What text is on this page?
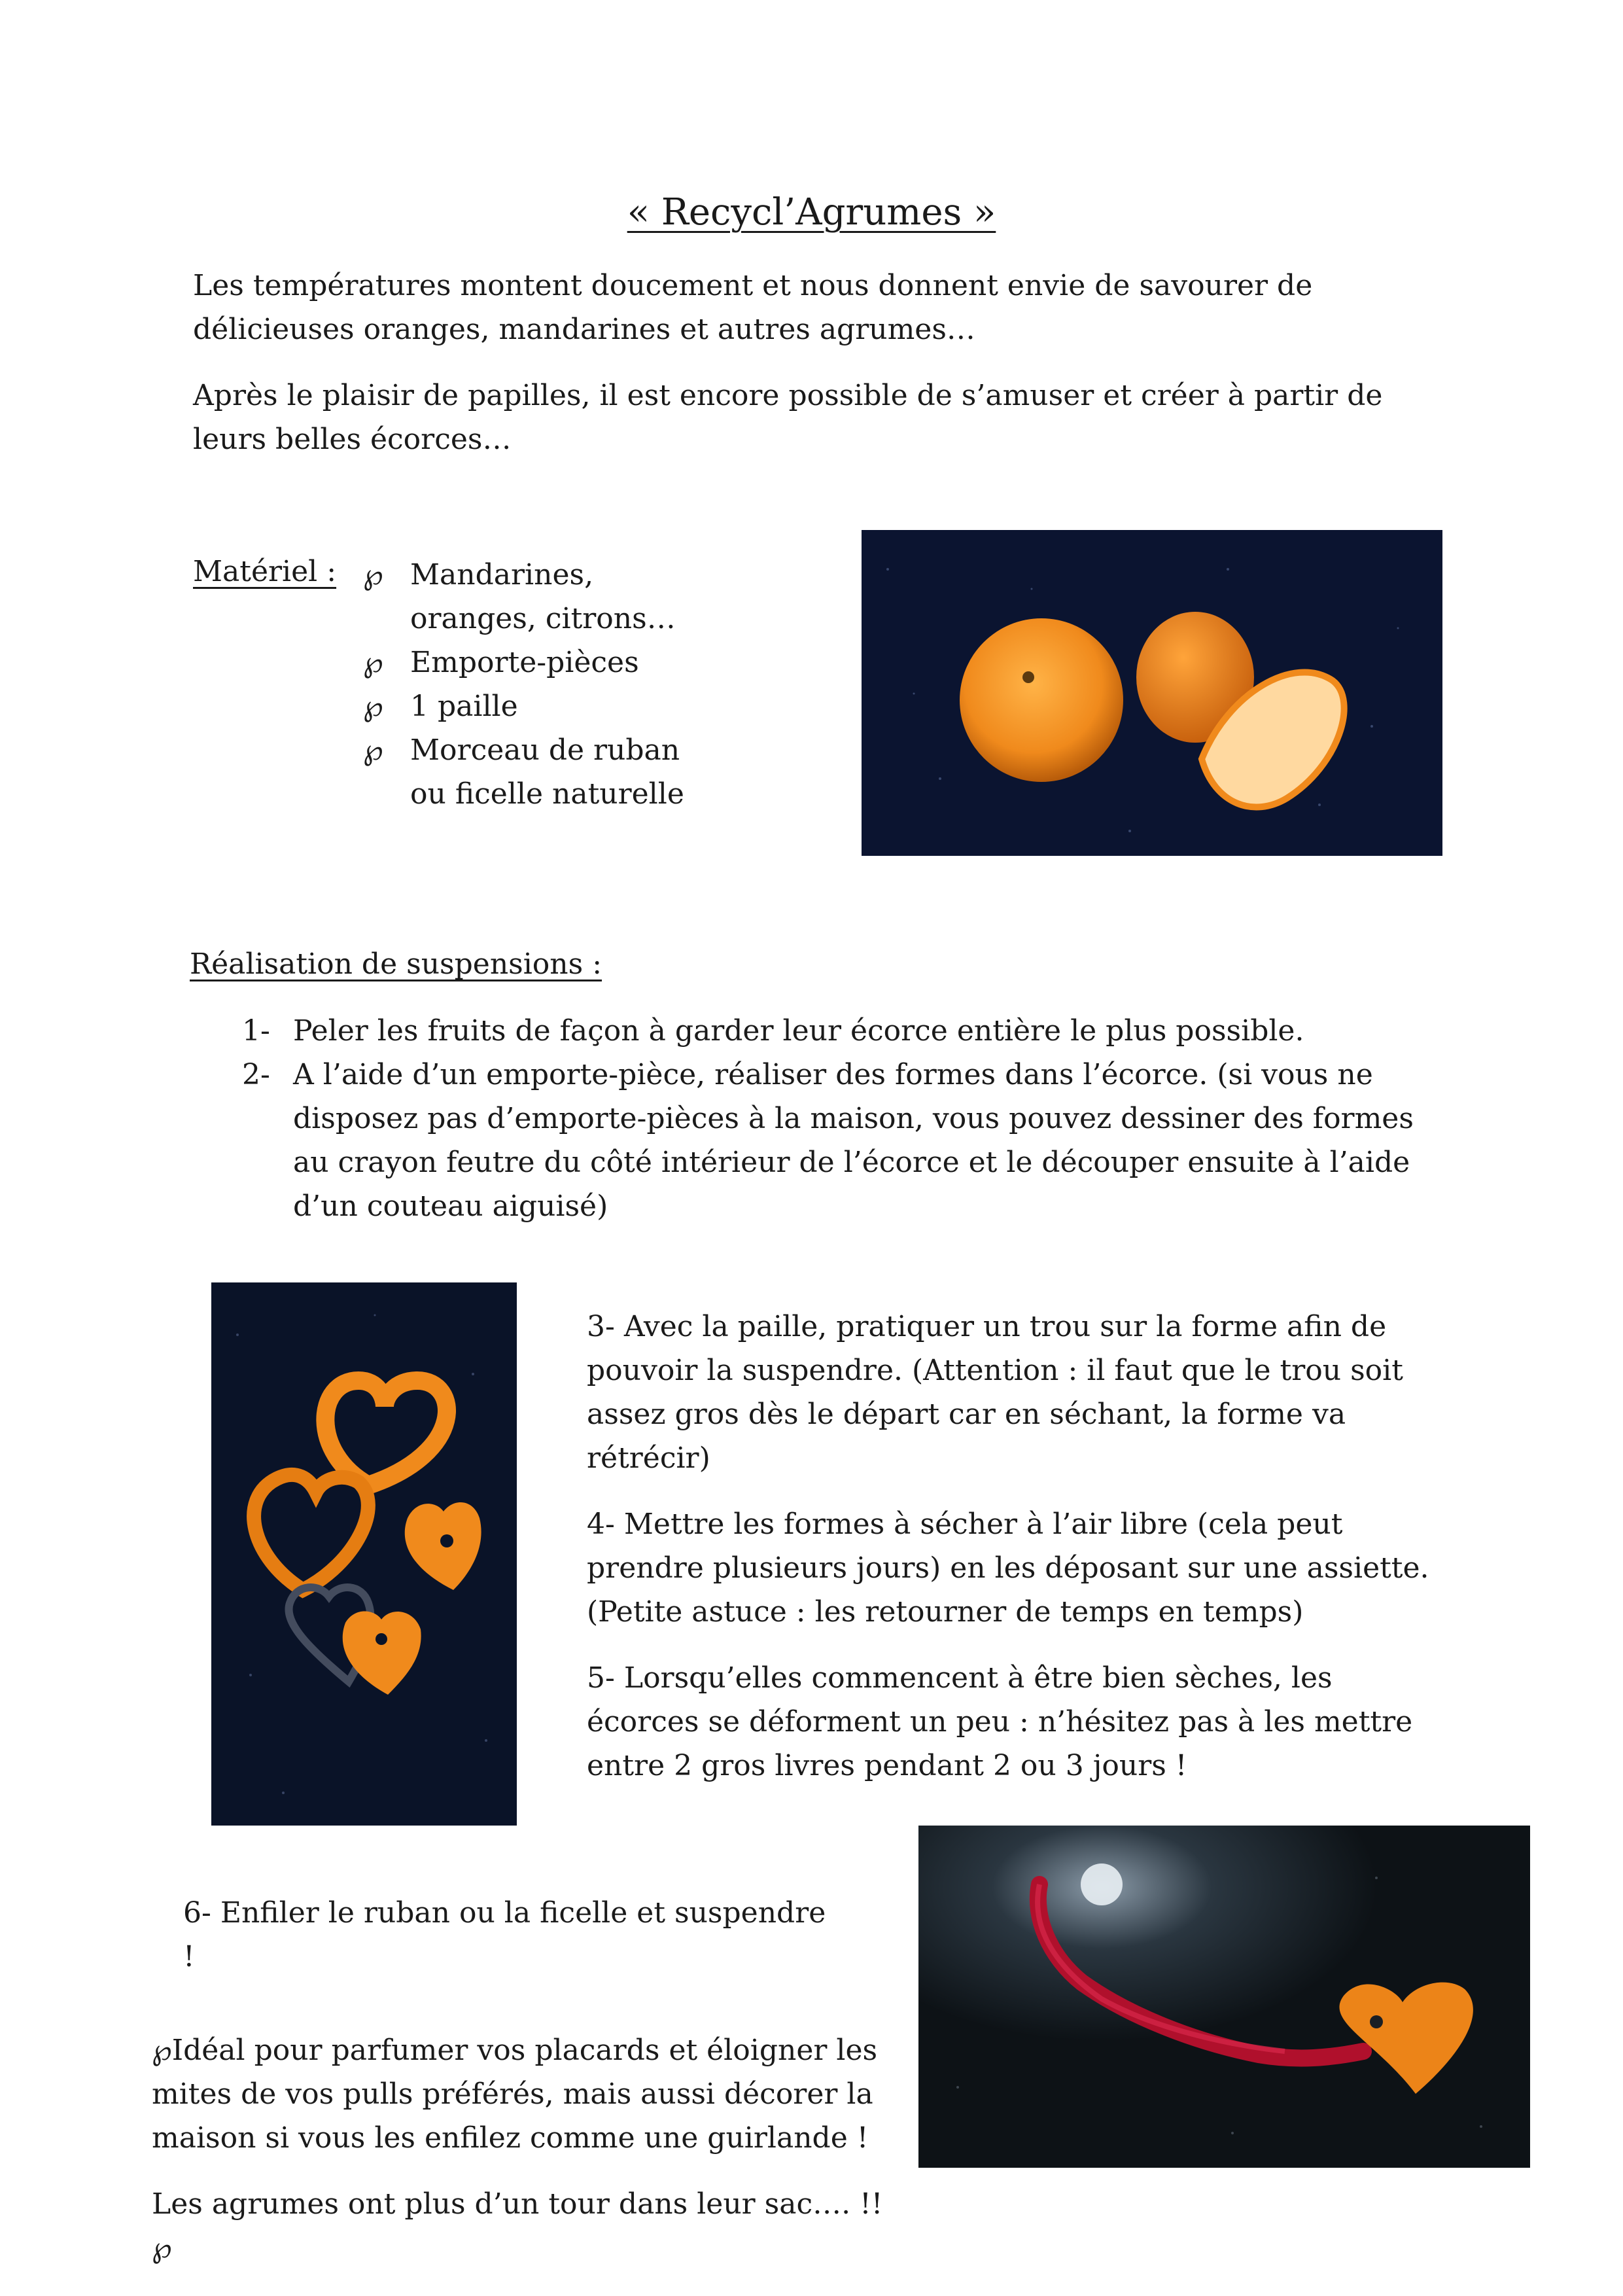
« Recycl’Agrumes »

Les températures montent doucement et nous donnent envie de savourer de délicieuses oranges, mandarines et autres agrumes…

Après le plaisir de papilles, il est encore possible de s’amuser et créer à partir de leurs belles écorces…

Matériel : ℘ Mandarines, oranges, citrons…
℘ Emporte-pièces
℘ 1 paille
℘ Morceau de ruban ou ficelle naturelle
Réalisation de suspensions :
1- Peler les fruits de façon à garder leur écorce entière le plus possible.
2- A l’aide d’un emporte-pièce, réaliser des formes dans l’écorce. (si vous ne disposez pas d’emporte-pièces à la maison, vous pouvez dessiner des formes au crayon feutre du côté intérieur de l’écorce et le découper ensuite à l’aide d’un couteau aiguisé)

3- Avec la paille, pratiquer un trou sur la forme afin de pouvoir la suspendre. (Attention : il faut que le trou soit assez gros dès le départ car en séchant, la forme va rétrécir)

4- Mettre les formes à sécher à l’air libre (cela peut prendre plusieurs jours) en les déposant sur une assiette. (Petite astuce : les retourner de temps en temps)

5- Lorsqu’elles commencent à être bien sèches, les écorces se déforment un peu : n’hésitez pas à les mettre entre 2 gros livres pendant 2 ou 3 jours !

6- Enfiler le ruban ou la ficelle et suspendre !

℘Idéal pour parfumer vos placards et éloigner les mites de vos pulls préférés, mais aussi décorer la maison si vous les enfilez comme une guirlande !

Les agrumes ont plus d’un tour dans leur sac…. !!℘
